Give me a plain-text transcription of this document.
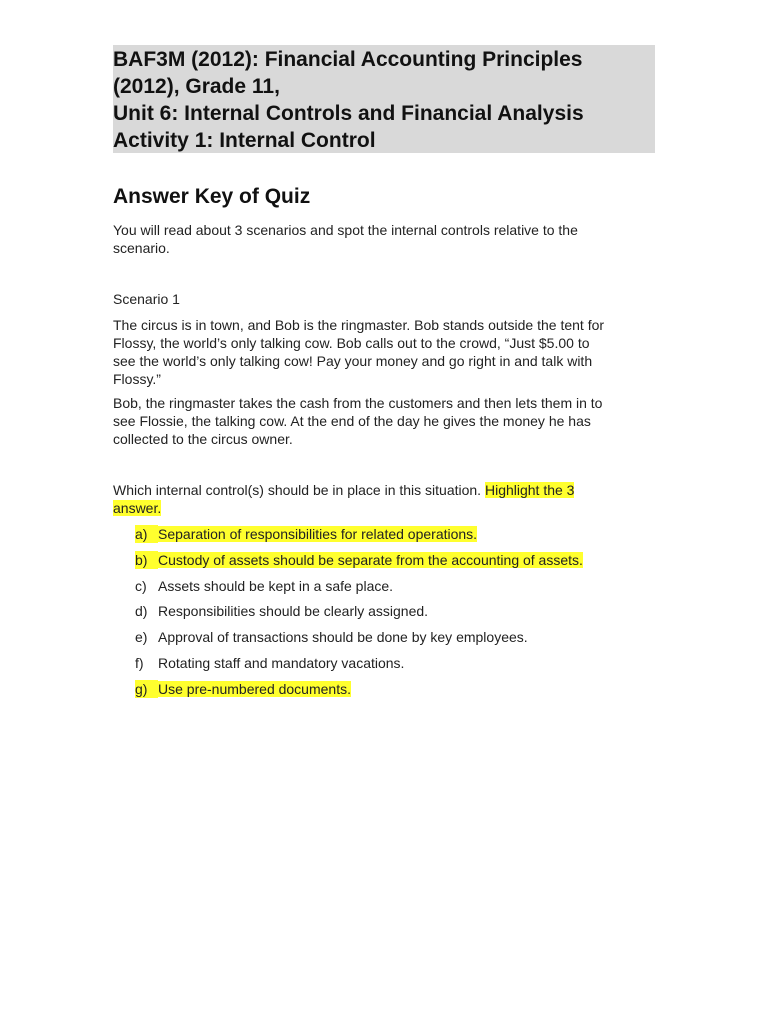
BAF3M (2012): Financial Accounting Principles
(2012), Grade 11,
Unit 6: Internal Controls and Financial Analysis
Activity 1: Internal Control
Answer Key of Quiz
You will read about 3 scenarios and spot the internal controls relative to the
scenario.
Scenario 1
The circus is in town, and Bob is the ringmaster. Bob stands outside the tent for
Flossy, the world’s only talking cow. Bob calls out to the crowd, “Just $5.00 to
see the world’s only talking cow! Pay your money and go right in and talk with
Flossy.”
Bob, the ringmaster takes the cash from the customers and then lets them in to
see Flossie, the talking cow. At the end of the day he gives the money he has
collected to the circus owner.
Which internal control(s) should be in place in this situation. Highlight the 3
answer.
a) Separation of responsibilities for related operations.
b) Custody of assets should be separate from the accounting of assets.
c) Assets should be kept in a safe place.
d) Responsibilities should be clearly assigned.
e) Approval of transactions should be done by key employees.
f) Rotating staff and mandatory vacations.
g) Use pre-numbered documents.
